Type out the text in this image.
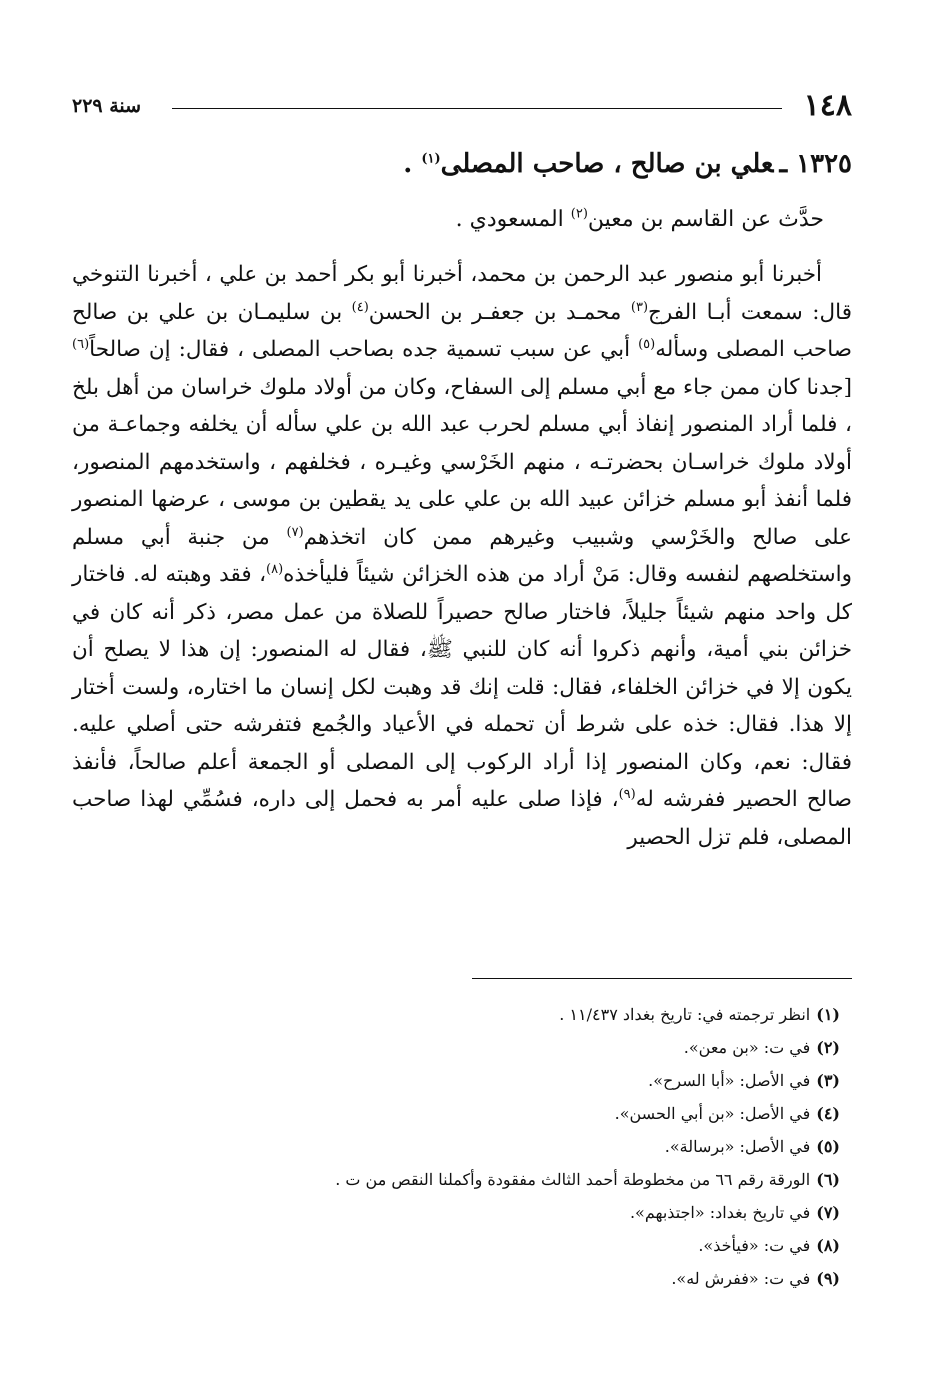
١٤٨
سنة ٢٢٩
١٣٢٥ ـعلي بن صالح ، صاحب المصلى$^{(١)}$ .
حدَّث عن القاسم بن معين$^{(٢)}$ المسعودي .

أخبرنا أبو منصور عبد الرحمن بن محمد، أخبرنا أبو بكر أحمد بن علي ، أخبرنا التنوخي قال: سمعت أبـا الفرج$^{(٣)}$ محمـد بن جعفـر بن الحسن$^{(٤)}$ بن سليمـان بن علي بن صالح صاحب المصلى وسأله$^{(٥)}$ أبي عن سبب تسمية جده بصاحب المصلى ، فقال: إن صالحاً$^{(٦)}$ [جدنا كان ممن جاء مع أبي مسلم إلى السفاح، وكان من أولاد ملوك خراسان من أهل بلخ ، فلما أراد المنصور إنفاذ أبي مسلم لحرب عبد الله بن علي سأله أن يخلفه وجماعـة من أولاد ملوك خراسـان بحضرتـه ، منهم الخَرْسي وغيـره ، فخلفهم ، واستخدمهم المنصور، فلما أنفذ أبو مسلم خزائن عبيد الله بن علي على يد يقطين بن موسى ، عرضها المنصور على صالح والخَرْسي وشبيب وغيرهم ممن كان اتخذهم$^{(٧)}$ من جنبة أبي مسلم واستخلصهم لنفسه وقال: مَنْ أراد من هذه الخزائن شيئاً فليأخذه$^{(٨)}$، فقد وهبته له. فاختار كل واحد منهم شيئاً جليلاً، فاختار صالح حصيراً للصلاة من عمل مصر، ذكر أنه كان في خزائن بني أمية، وأنهم ذكروا أنه كان للنبي ﷺ، فقال له المنصور: إن هذا لا يصلح أن يكون إلا في خزائن الخلفاء، فقال: قلت إنك قد وهبت لكل إنسان ما اختاره، ولست أختار إلا هذا. فقال: خذه على شرط أن تحمله في الأعياد والجُمع فتفرشه حتى أصلي عليه. فقال: نعم، وكان المنصور إذا أراد الركوب إلى المصلى أو الجمعة أعلم صالحاً، فأنفذ صالح الحصير ففرشه له$^{(٩)}$، فإذا صلى عليه أمر به فحمل إلى داره، فسُمِّي لهذا صاحب المصلى، فلم تزل الحصير

(١)انظر ترجمته في: تاريخ بغداد ١١/٤٣٧ .
(٢)في ت: «بن معن».
(٣)في الأصل: «أبا السرح».
(٤)في الأصل: «بن أبي الحسن».
(٥)في الأصل: «برسالة».
(٦)الورقة رقم ٦٦ من مخطوطة أحمد الثالث مفقودة وأكملنا النقص من ت .
(٧)في تاريخ بغداد: «اجتذبهم».
(٨)في ت: «فيأخذ».
(٩)في ت: «ففرش له».
